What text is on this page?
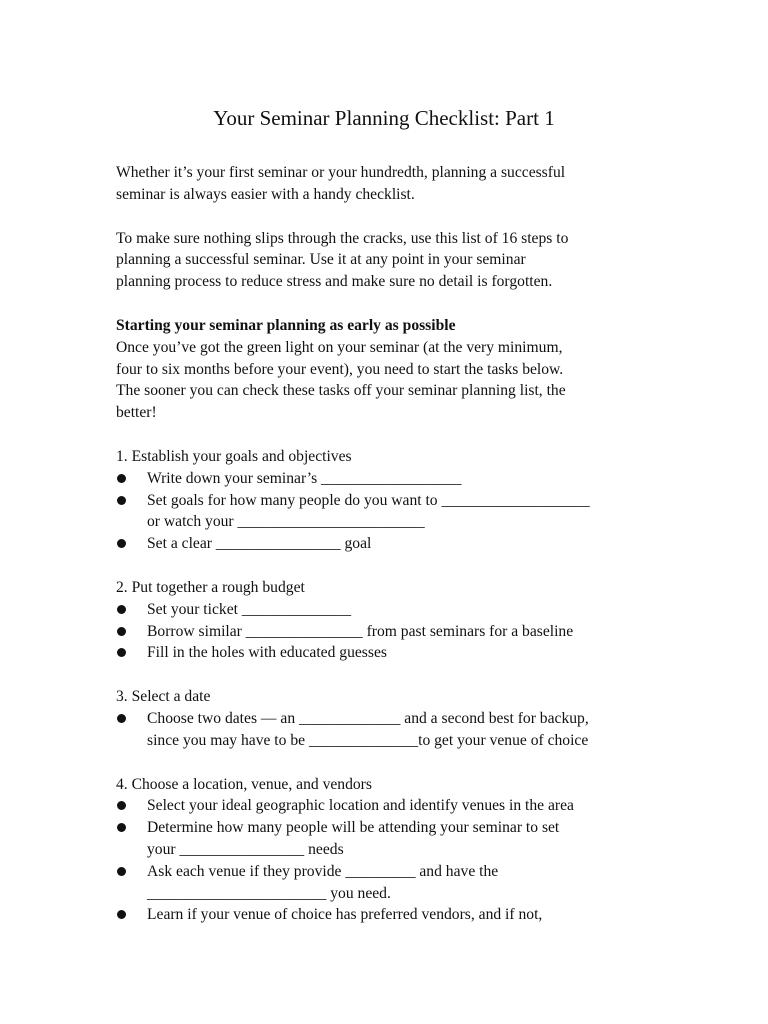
Your Seminar Planning Checklist: Part 1
Whether it’s your first seminar or your hundredth, planning a successful
seminar is always easier with a handy checklist.
To make sure nothing slips through the cracks, use this list of 16 steps to
planning a successful seminar. Use it at any point in your seminar
planning process to reduce stress and make sure no detail is forgotten.
Starting your seminar planning as early as possible
Once you’ve got the green light on your seminar (at the very minimum,
four to six months before your event), you need to start the tasks below.
The sooner you can check these tasks off your seminar planning list, the
better!
1. Establish your goals and objectives
Write down your seminar’s __________________
Set goals for how many people do you want to ___________________
or watch your ________________________
Set a clear ________________ goal
2. Put together a rough budget
Set your ticket ______________
Borrow similar _______________ from past seminars for a baseline
Fill in the holes with educated guesses
3. Select a date
Choose two dates — an _____________ and a second best for backup,
since you may have to be ______________to get your venue of choice
4. Choose a location, venue, and vendors
Select your ideal geographic location and identify venues in the area
Determine how many people will be attending your seminar to set
your ________________ needs
Ask each venue if they provide _________ and have the
_______________________ you need.
Learn if your venue of choice has preferred vendors, and if not,
